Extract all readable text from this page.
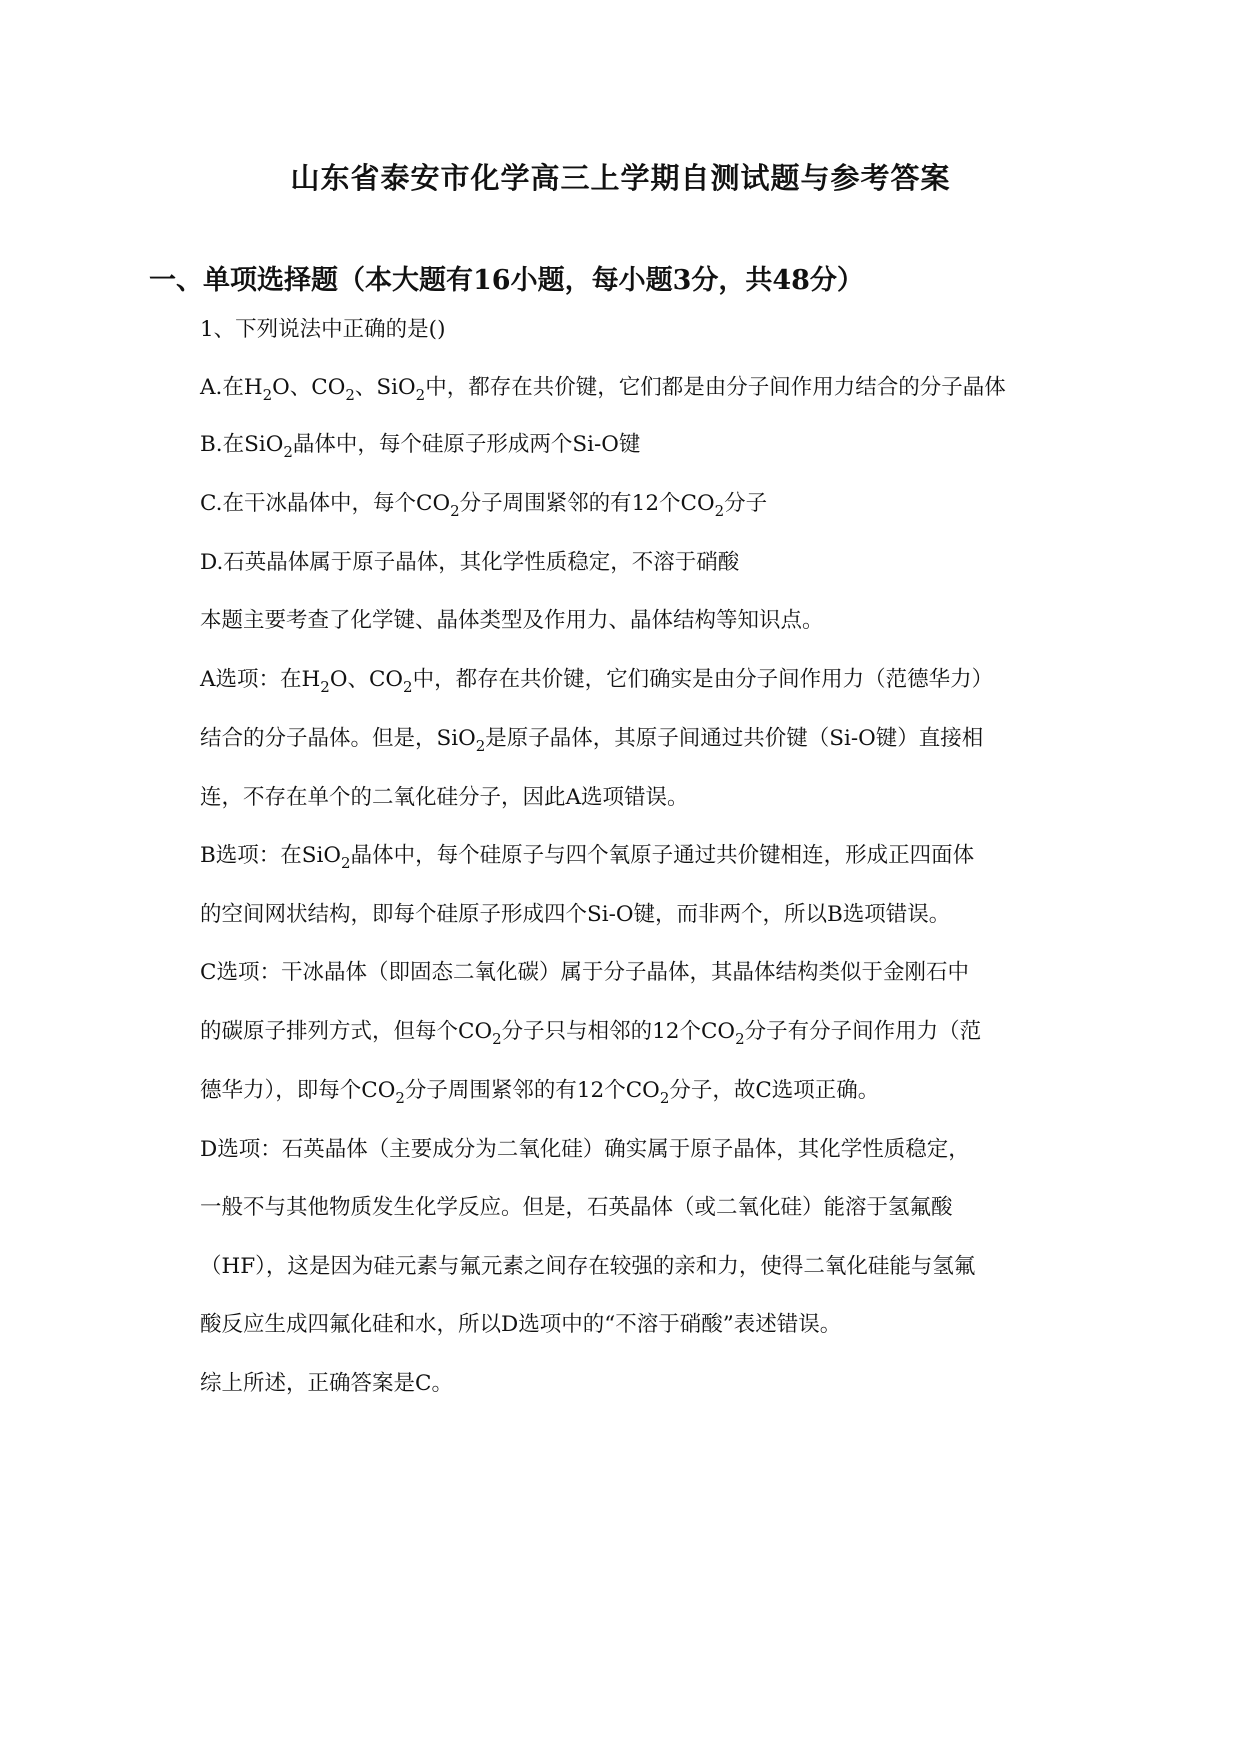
山东省泰安市化学高三上学期自测试题与参考答案
一、单项选择题（本大题有16小题，每小题3分，共48分）
1、下列说法中正确的是()
A.在$H_2O$、$CO_2$、SiO$_2$中，都存在共价键，它们都是由分子间作用力结合的分子晶体
B.在SiO$_2$晶体中，每个硅原子形成两个Si-O键
C.在干冰晶体中，每个$CO_2$分子周围紧邻的有12个$CO_2$分子
D.石英晶体属于原子晶体，其化学性质稳定，不溶于硝酸
本题主要考查了化学键、晶体类型及作用力、晶体结构等知识点。
A选项：在$H_2O$、$CO_2$中，都存在共价键，它们确实是由分子间作用力（范德华力）
结合的分子晶体。但是，SiO$_2$是原子晶体，其原子间通过共价键（Si-O键）直接相
连，不存在单个的二氧化硅分子，因此A选项错误。
B选项：在SiO$_2$晶体中，每个硅原子与四个氧原子通过共价键相连，形成正四面体
的空间网状结构，即每个硅原子形成四个Si-O键，而非两个，所以B选项错误。
C选项：干冰晶体（即固态二氧化碳）属于分子晶体，其晶体结构类似于金刚石中
的碳原子排列方式，但每个$CO_2$分子只与相邻的12个$CO_2$分子有分子间作用力（范
德华力），即每个$CO_2$分子周围紧邻的有12个$CO_2$分子，故C选项正确。
D选项：石英晶体（主要成分为二氧化硅）确实属于原子晶体，其化学性质稳定，
一般不与其他物质发生化学反应。但是，石英晶体（或二氧化硅）能溶于氢氟酸
（HF），这是因为硅元素与氟元素之间存在较强的亲和力，使得二氧化硅能与氢氟
酸反应生成四氟化硅和水，所以D选项中的“不溶于硝酸”表述错误。
综上所述，正确答案是C。
